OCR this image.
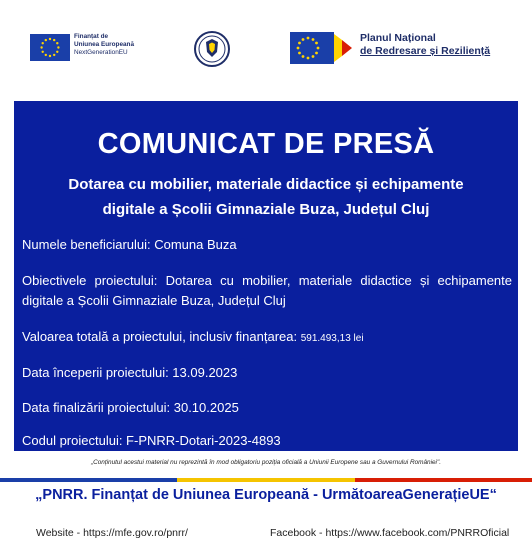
Finanțat de
Uniunea Europeană
NextGenerationEU
Planul Național
de Redresare și Reziliență
COMUNICAT DE PRESĂ
Dotarea cu mobilier, materiale didactice și echipamente
digitale a Școlii Gimnaziale Buza, Județul Cluj
Numele beneficiarului: Comuna Buza
Obiectivele proiectului: Dotarea cu mobilier, materiale didactice și echipamente digitale a Școlii Gimnaziale Buza, Județul Cluj
Valoarea totală a proiectului, inclusiv finanțarea: 591.493,13 lei
Data începerii proiectului: 13.09.2023
Data finalizării proiectului: 30.10.2025
Codul proiectului: F-PNRR-Dotari-2023-4893
„Conținutul acestui material nu reprezintă în mod obligatoriu poziția oficială a Uniunii Europene sau a Guvernului României".
„PNRR. Finanțat de Uniunea Europeană - UrmătoareaGenerațieUE“
Website - https://mfe.gov.ro/pnrr/	Facebook - https://www.facebook.com/PNRROficial
